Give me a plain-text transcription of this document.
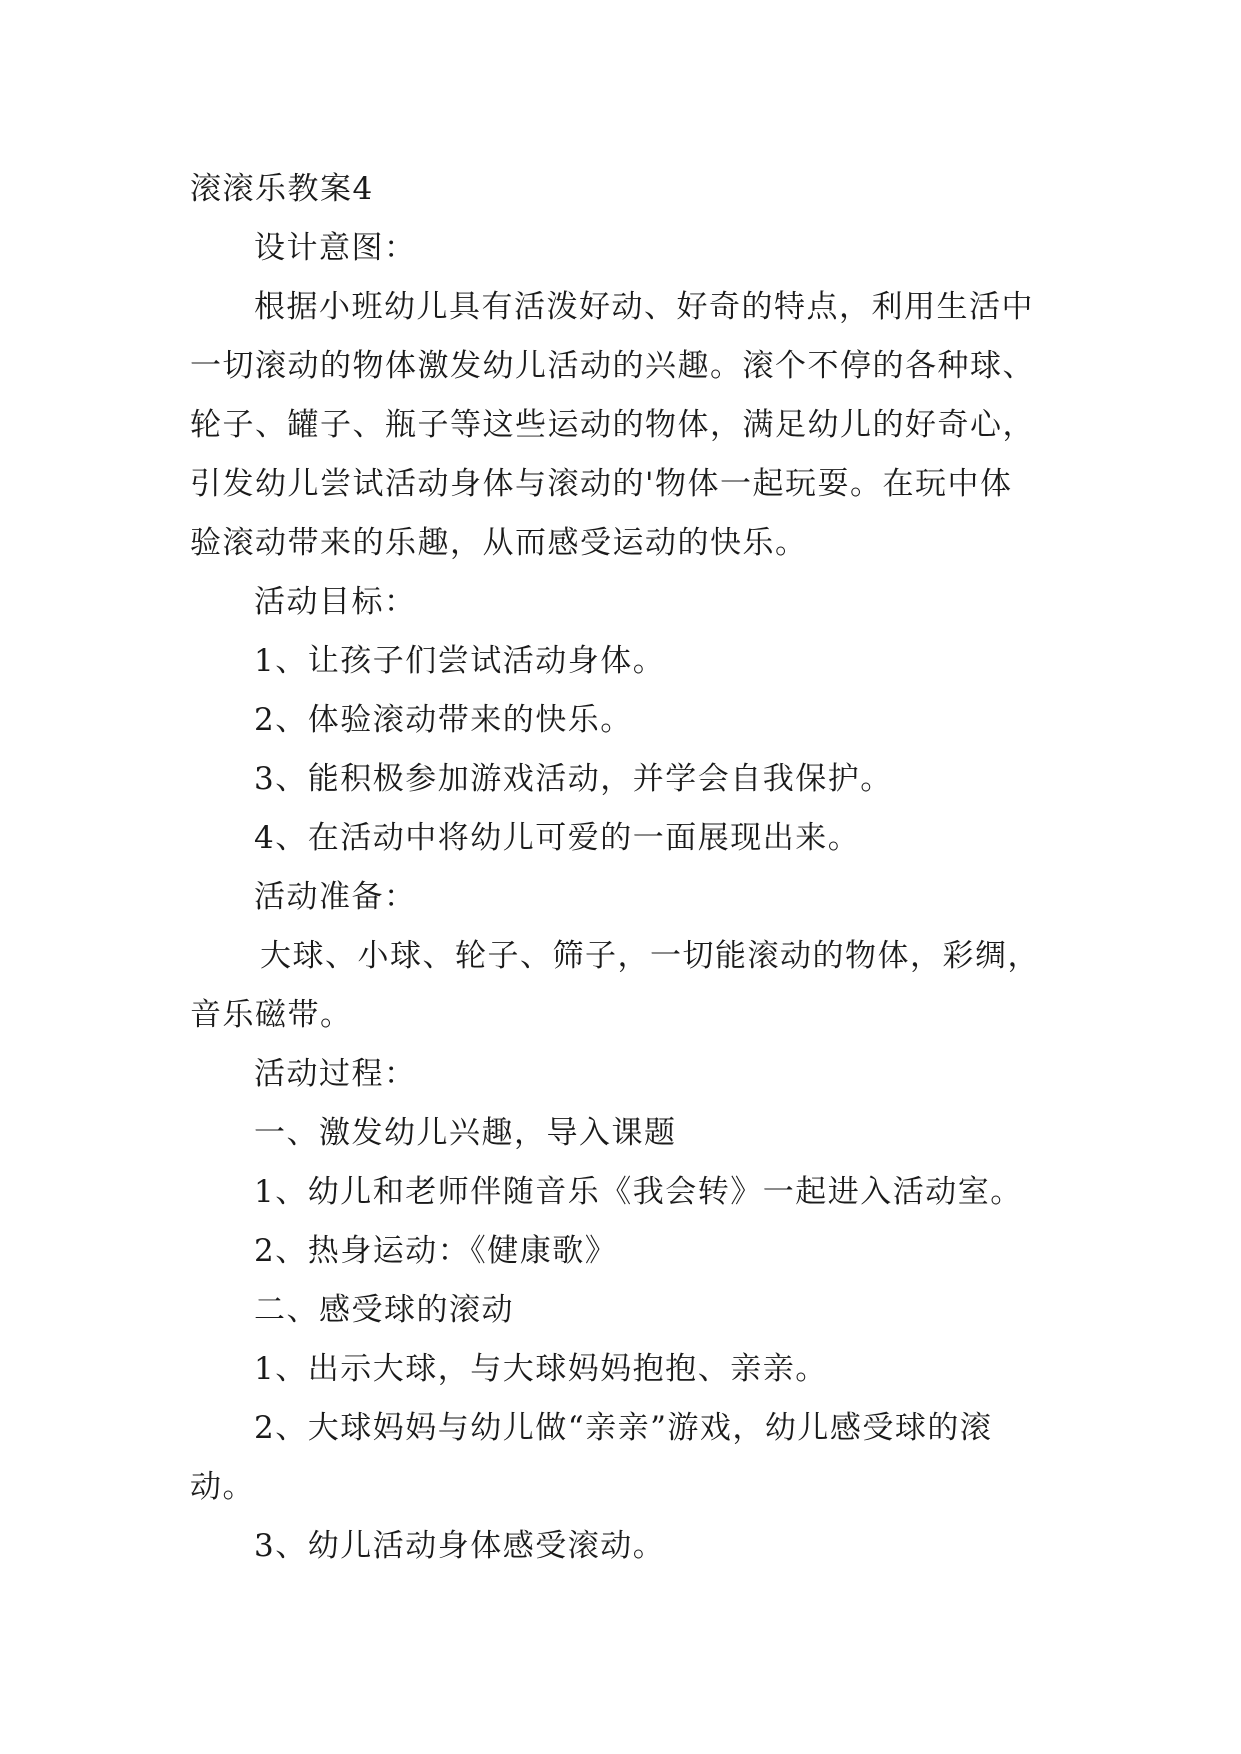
滚滚乐教案4
设计意图：
根据小班幼儿具有活泼好动、好奇的特点，利用生活中
一切滚动的物体激发幼儿活动的兴趣。滚个不停的各种球、
轮子、罐子、瓶子等这些运动的物体，满足幼儿的好奇心，
引发幼儿尝试活动身体与滚动的'物体一起玩耍。在玩中体
验滚动带来的乐趣，从而感受运动的快乐。
活动目标：
1、让孩子们尝试活动身体。
2、体验滚动带来的快乐。
3、能积极参加游戏活动，并学会自我保护。
4、在活动中将幼儿可爱的一面展现出来。
活动准备：
大球、小球、轮子、筛子，一切能滚动的物体，彩绸，
音乐磁带。
活动过程：
一、激发幼儿兴趣，导入课题
1、幼儿和老师伴随音乐《我会转》一起进入活动室。
2、热身运动：《健康歌》
二、感受球的滚动
1、出示大球，与大球妈妈抱抱、亲亲。
2、大球妈妈与幼儿做“亲亲”游戏，幼儿感受球的滚
动。
3、幼儿活动身体感受滚动。
